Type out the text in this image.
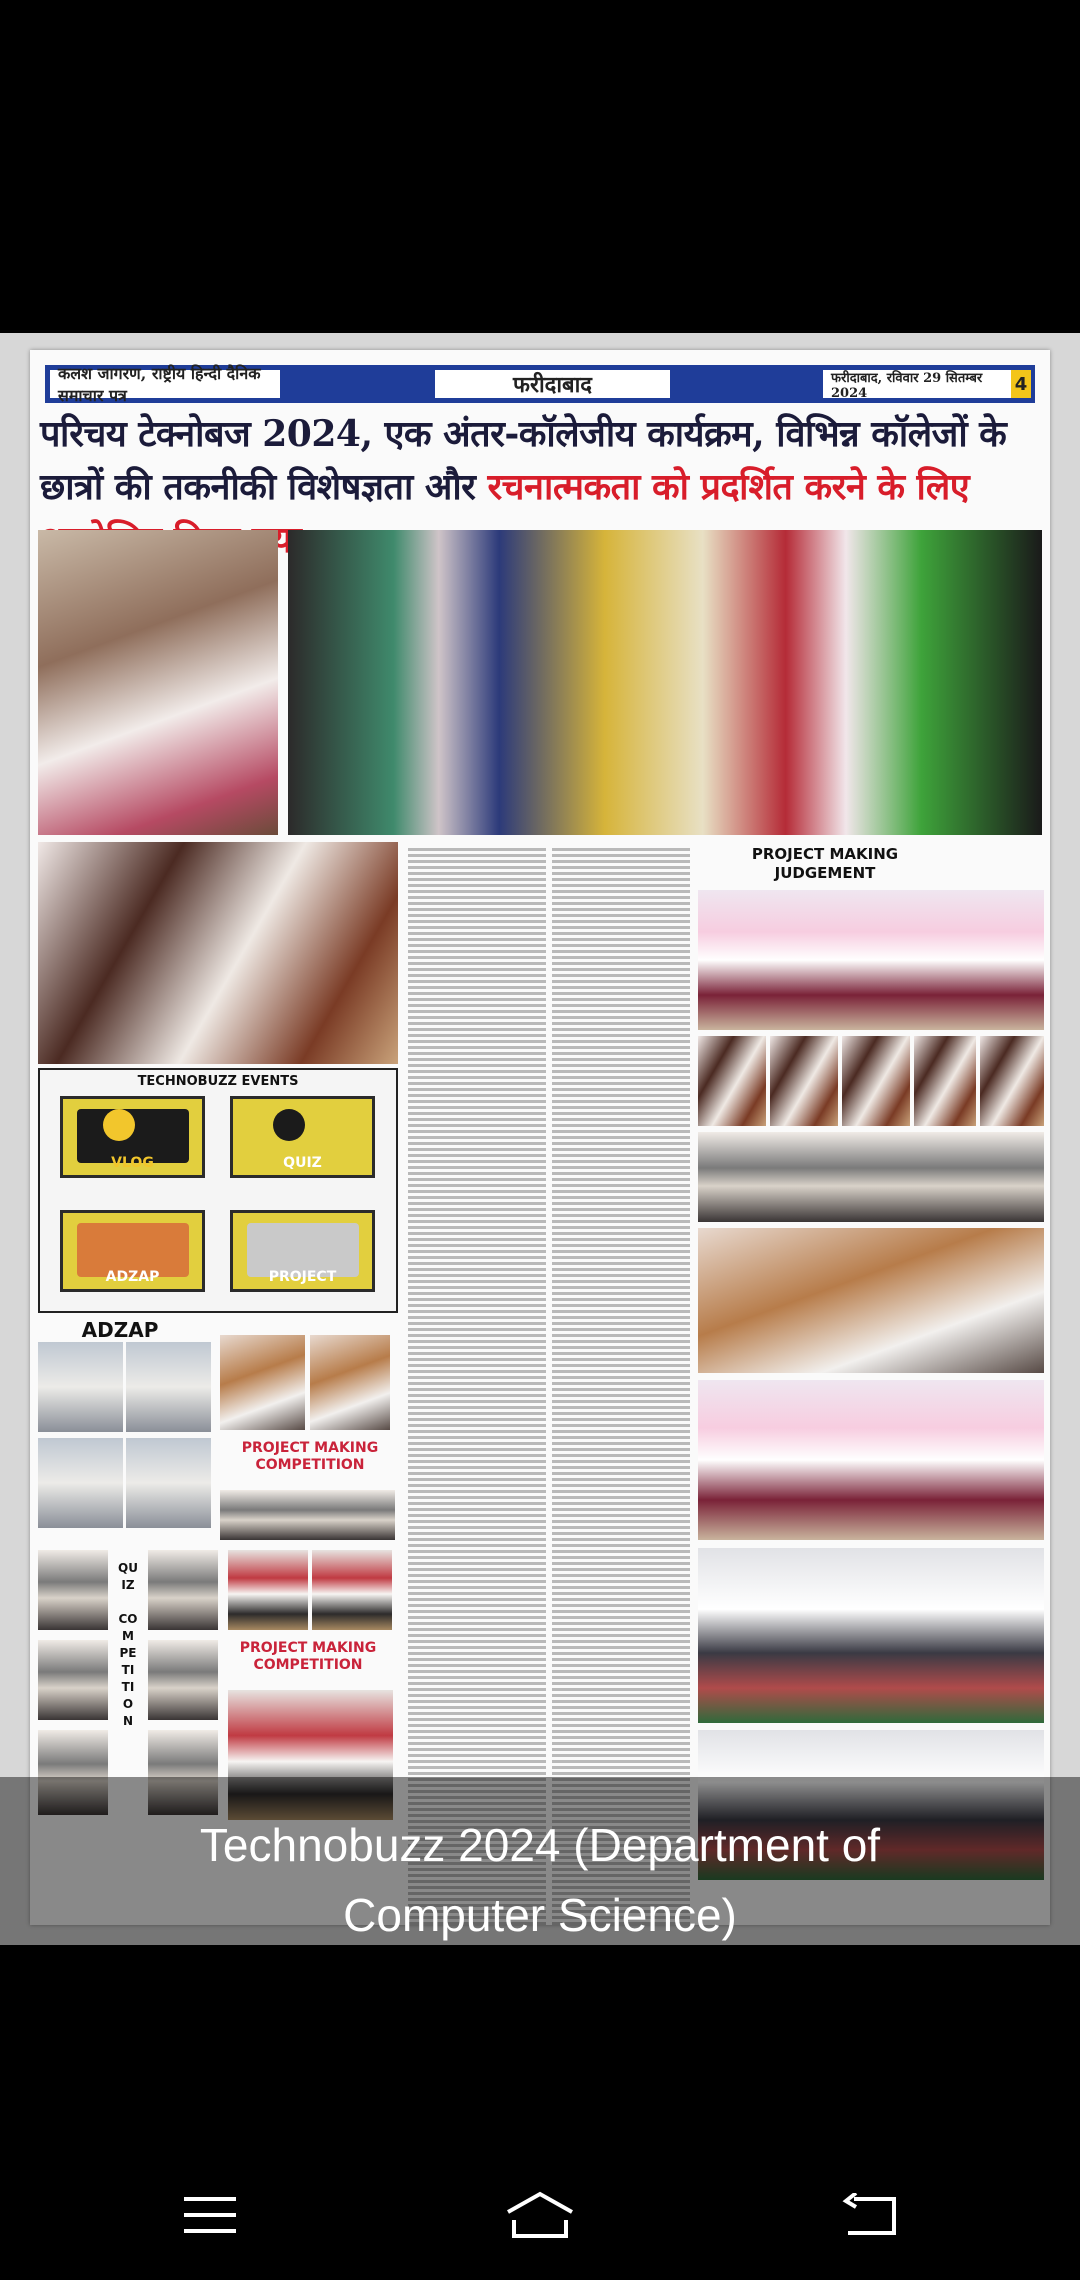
कलश जागरण, राष्ट्रीय हिन्दी दैनिक समाचार पत्र	फरीदाबाद	फरीदाबाद, रविवार 29 सितम्बर 2024	4
परिचय टेक्नोबज 2024, एक अंतर-कॉलेजीय कार्यक्रम, विभिन्न कॉलेजों के छात्रों की तकनीकी विशेषज्ञता और रचनात्मकता को प्रदर्शित करने के लिए
TECHNOBUZZ EVENTS
VLOG	QUIZ
ADZAP	PROJECT
ADZAP
PROJECT MAKING COMPETITION
QUIZ

COMPETITION
PROJECT MAKING COMPETITION
PROJECT MAKING JUDGEMENT
Technobuzz 2024 (Department of
Computer Science)
